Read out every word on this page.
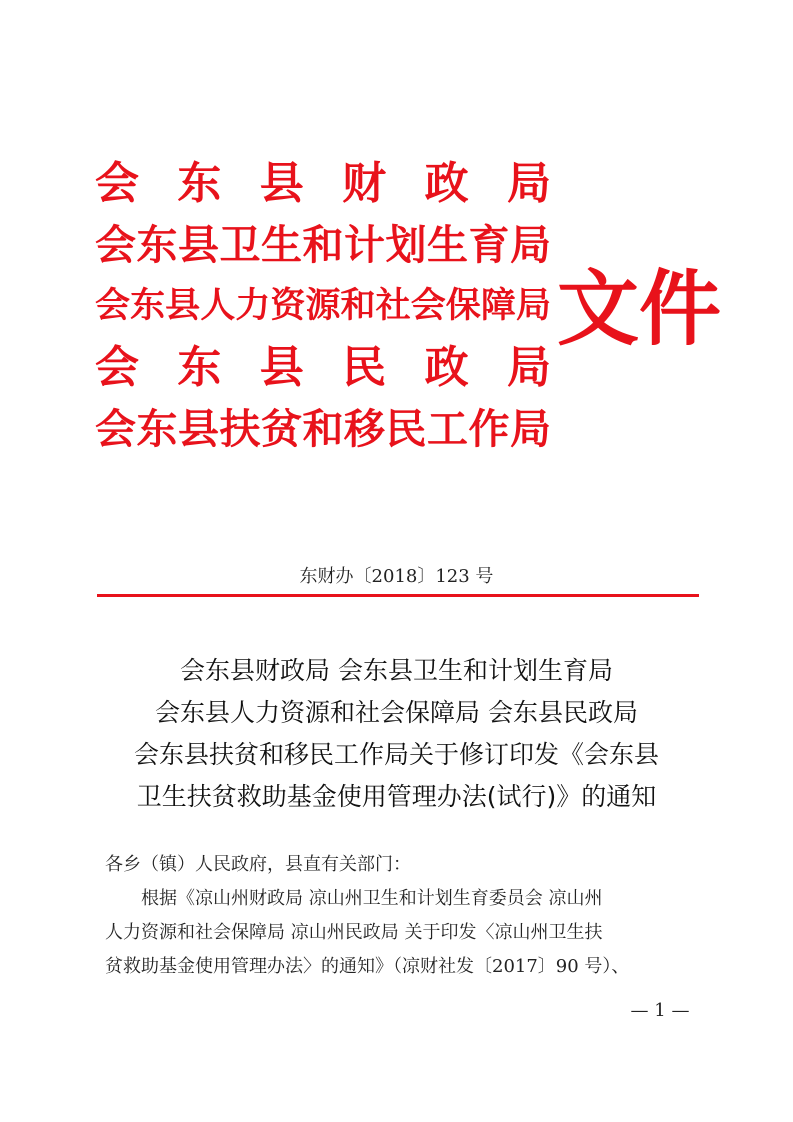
会 东 县 财 政 局
会 东 县 卫 生 和 计 划 生 育 局
会 东 县 人 力 资 源 和 社 会 保 障 局
会 东 县 民 政 局
会 东 县 扶 贫 和 移 民 工 作 局
文件
东财办〔2018〕123 号
会东县财政局 会东县卫生和计划生育局
会东县人力资源和社会保障局 会东县民政局
会东县扶贫和移民工作局关于修订印发《会东县
卫生扶贫救助基金使用管理办法(试行)》的通知

各乡（镇）人民政府，县直有关部门：

根据《凉山州财政局 凉山州卫生和计划生育委员会 凉山州

人力资源和社会保障局 凉山州民政局 关于印发〈凉山州卫生扶

贫救助基金使用管理办法〉的通知》（凉财社发〔2017〕90 号）、

— 1 —
